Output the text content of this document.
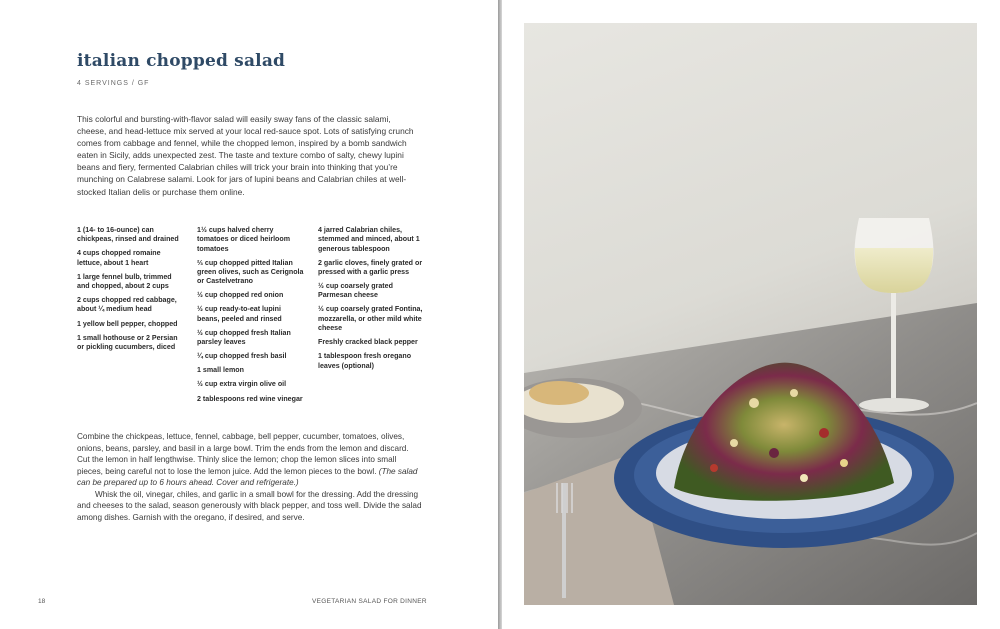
italian chopped salad
4 SERVINGS / GF

This colorful and bursting-with-flavor salad will easily sway fans of the classic salami, cheese, and head-lettuce mix served at your local red-sauce spot. Lots of satisfying crunch comes from cabbage and fennel, while the chopped lemon, inspired by a bomb sandwich eaten in Sicily, adds unexpected zest. The taste and texture combo of salty, chewy lupini beans and fiery, fermented Calabrian chiles will trick your brain into thinking that you’re munching on Calabrese salami. Look for jars of lupini beans and Calabrian chiles at well-stocked Italian delis or purchase them online.

1 (14- to 16-ounce) can chickpeas, rinsed and drained
4 cups chopped romaine lettuce, about 1 heart
1 large fennel bulb, trimmed and chopped, about 2 cups
2 cups chopped red cabbage, about ¼ medium head
1 yellow bell pepper, chopped
1 small hothouse or 2 Persian or pickling cucumbers, diced
1½ cups halved cherry tomatoes or diced heirloom tomatoes
⅔ cup chopped pitted Italian green olives, such as Cerignola or Castelvetrano
½ cup chopped red onion
½ cup ready-to-eat lupini beans, peeled and rinsed
½ cup chopped fresh Italian parsley leaves
¼ cup chopped fresh basil
1 small lemon
½ cup extra virgin olive oil
2 tablespoons red wine vinegar
4 jarred Calabrian chiles, stemmed and minced, about 1 generous tablespoon
2 garlic cloves, finely grated or pressed with a garlic press
½ cup coarsely grated Parmesan cheese
½ cup coarsely grated Fontina, mozzarella, or other mild white cheese
Freshly cracked black pepper
1 tablespoon fresh oregano leaves (optional)

Combine the chickpeas, lettuce, fennel, cabbage, bell pepper, cucumber, tomatoes, olives, onions, beans, parsley, and basil in a large bowl. Trim the ends from the lemon and discard. Cut the lemon in half lengthwise. Thinly slice the lemon; chop the lemon slices into small pieces, being careful not to lose the lemon juice. Add the lemon pieces to the bowl. (The salad can be prepared up to 6 hours ahead. Cover and refrigerate.)

Whisk the oil, vinegar, chiles, and garlic in a small bowl for the dressing. Add the dressing and cheeses to the salad, season generously with black pepper, and toss well. Divide the salad among dishes. Garnish with the oregano, if desired, and serve.

18	VEGETARIAN SALAD FOR DINNER
